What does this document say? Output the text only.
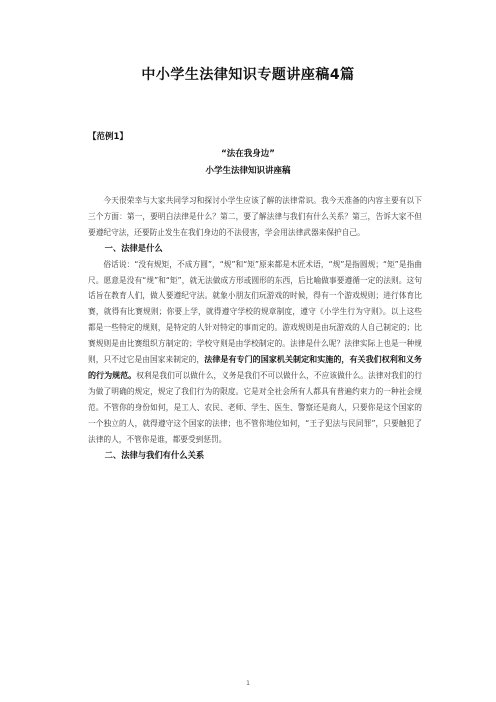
中小学生法律知识专题讲座稿4篇
【范例1】
“法在我身边”
小学生法律知识讲座稿

今天很荣幸与大家共同学习和探讨小学生应该了解的法律常识。我今天准备的内容主要有以下三个方面：第一，要明白法律是什么？第二，要了解法律与我们有什么关系？第三，告诉大家不但要遵纪守法，还要防止发生在我们身边的不法侵害，学会用法律武器来保护自己。

一、法律是什么

俗话说：“没有规矩，不成方圆”，“规”和“矩”原来都是木匠术语，“规”是指圆规；“矩”是指曲尺。愿意是没有“规”和“矩”，就无法做成方形或圆形的东西，后比喻做事要遵循一定的法则。这句话旨在教育人们，做人要遵纪守法。就象小朋友们玩游戏的时候，得有一个游戏规则；进行体育比赛，就得有比赛规则；你要上学，就得遵守学校的规章制度，遵守《小学生行为守则》。以上这些都是一些特定的规则，是特定的人针对特定的事而定的。游戏规则是由玩游戏的人自己制定的；比赛规则是由比赛组织方制定的；学校守则是由学校制定的。法律是什么呢？法律实际上也是一种规则，只不过它是由国家来制定的，法律是有专门的国家机关制定和实施的，有关我们权利和义务的行为规范。权利是我们可以做什么，义务是我们不可以做什么，不应该做什么。法律对我们的行为做了明确的规定，规定了我们行为的限度。它是对全社会所有人都具有普遍约束力的一种社会规范。不管你的身份如何，是工人、农民、老师、学生、医生、警察还是商人，只要你是这个国家的一个独立的人，就得遵守这个国家的法律；也不管你地位如何，“王子犯法与民同罪”，只要触犯了法律的人，不管你是谁，都要受到惩罚。

二、法律与我们有什么关系
1
